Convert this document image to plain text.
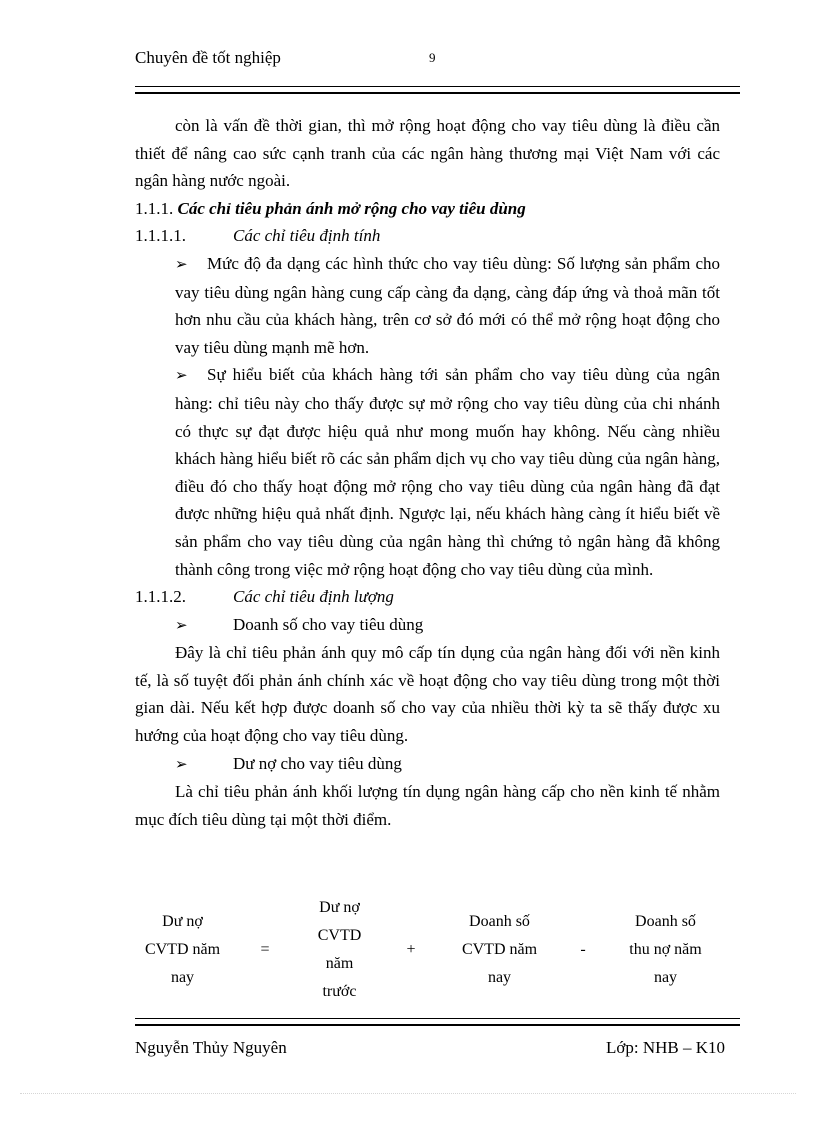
Chuyên đề tốt nghiệp	9

còn là vấn đề thời gian, thì mở rộng hoạt động cho vay tiêu dùng là điều cần thiết để nâng cao sức cạnh tranh của các ngân hàng thương mại Việt Nam với các ngân hàng nước ngoài.

1.1.1. Các chỉ tiêu phản ánh mở rộng cho vay tiêu dùng

1.1.1.1.	Các chỉ tiêu định tính

➢ Mức độ đa dạng các hình thức cho vay tiêu dùng: Số lượng sản phẩm cho vay tiêu dùng ngân hàng cung cấp càng đa dạng, càng đáp ứng và thoả mãn tốt hơn nhu cầu của khách hàng, trên cơ sở đó mới có thể mở rộng hoạt động cho vay tiêu dùng mạnh mẽ hơn.

➢ Sự hiểu biết của khách hàng tới sản phẩm cho vay tiêu dùng của ngân hàng: chỉ tiêu này cho thấy được sự mở rộng cho vay tiêu dùng của chi nhánh có thực sự đạt được hiệu quả như mong muốn hay không. Nếu càng nhiều khách hàng hiểu biết rõ các sản phẩm dịch vụ cho vay tiêu dùng của ngân hàng, điều đó cho thấy hoạt động mở rộng cho vay tiêu dùng của ngân hàng đã đạt được những hiệu quả nhất định. Ngược lại, nếu khách hàng càng ít hiểu biết về sản phẩm cho vay tiêu dùng của ngân hàng thì chứng tỏ ngân hàng đã không thành công trong việc mở rộng hoạt động cho vay tiêu dùng của mình.

1.1.1.2.	Các chỉ tiêu định lượng

➢	Doanh số cho vay tiêu dùng

Đây là chỉ tiêu phản ánh quy mô cấp tín dụng của ngân hàng đối với nền kinh tế, là số tuyệt đối phản ánh chính xác về hoạt động cho vay tiêu dùng trong một thời gian dài. Nếu kết hợp được doanh số cho vay của nhiều thời kỳ ta sẽ thấy được xu hướng của hoạt động cho vay tiêu dùng.

➢	Dư nợ cho vay tiêu dùng

Là chỉ tiêu phản ánh khối lượng tín dụng ngân hàng cấp cho nền kinh tế nhằm mục đích tiêu dùng tại một thời điểm.

Dư nợ
CVTD năm
nay
=
Dư nợ
CVTD
năm
trước
+
Doanh số
CVTD năm
nay
-
Doanh số
thu nợ năm
nay
Nguyễn Thủy Nguyên	Lớp: NHB – K10
